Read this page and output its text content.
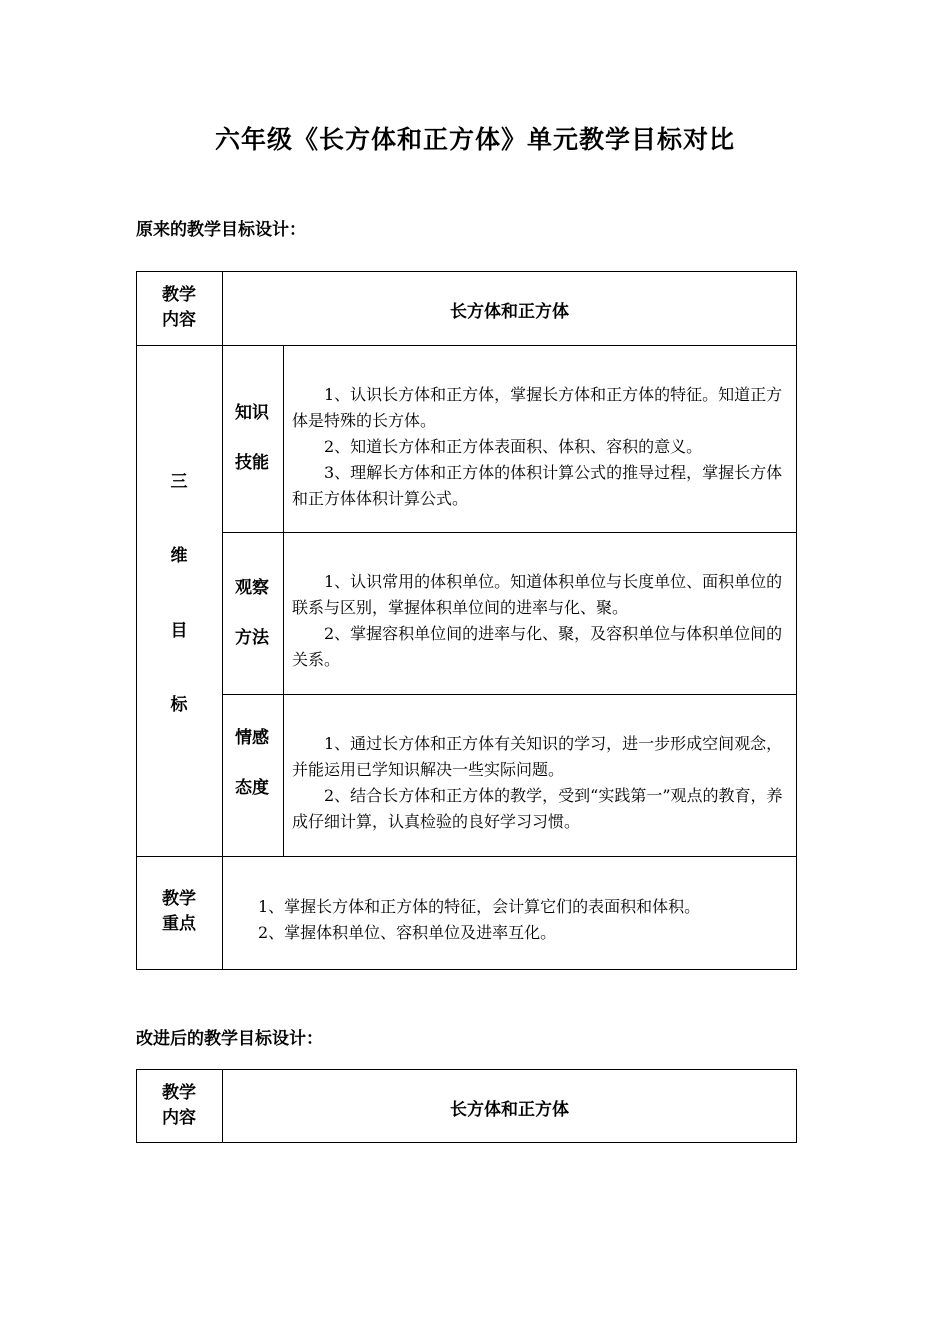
六年级《长方体和正方体》单元教学目标对比
原来的教学目标设计：
教学
内容	长方体和正方体
三
维
目
标
知识
技能

1、认识长方体和正方体，掌握长方体和正方体的特征。知道正方体是特殊的长方体。

2、知道长方体和正方体表面积、体积、容积的意义。

3、理解长方体和正方体的体积计算公式的推导过程，掌握长方体和正方体体积计算公式。

观察
方法

1、认识常用的体积单位。知道体积单位与长度单位、面积单位的联系与区别，掌握体积单位间的进率与化、聚。

2、掌握容积单位间的进率与化、聚，及容积单位与体积单位间的关系。

情感
态度

1、通过长方体和正方体有关知识的学习，进一步形成空间观念，并能运用已学知识解决一些实际问题。

2、结合长方体和正方体的教学，受到“实践第一”观点的教育，养成仔细计算，认真检验的良好学习习惯。

教学
重点

1、掌握长方体和正方体的特征，会计算它们的表面积和体积。

2、掌握体积单位、容积单位及进率互化。

改进后的教学目标设计：
教学
内容	长方体和正方体
